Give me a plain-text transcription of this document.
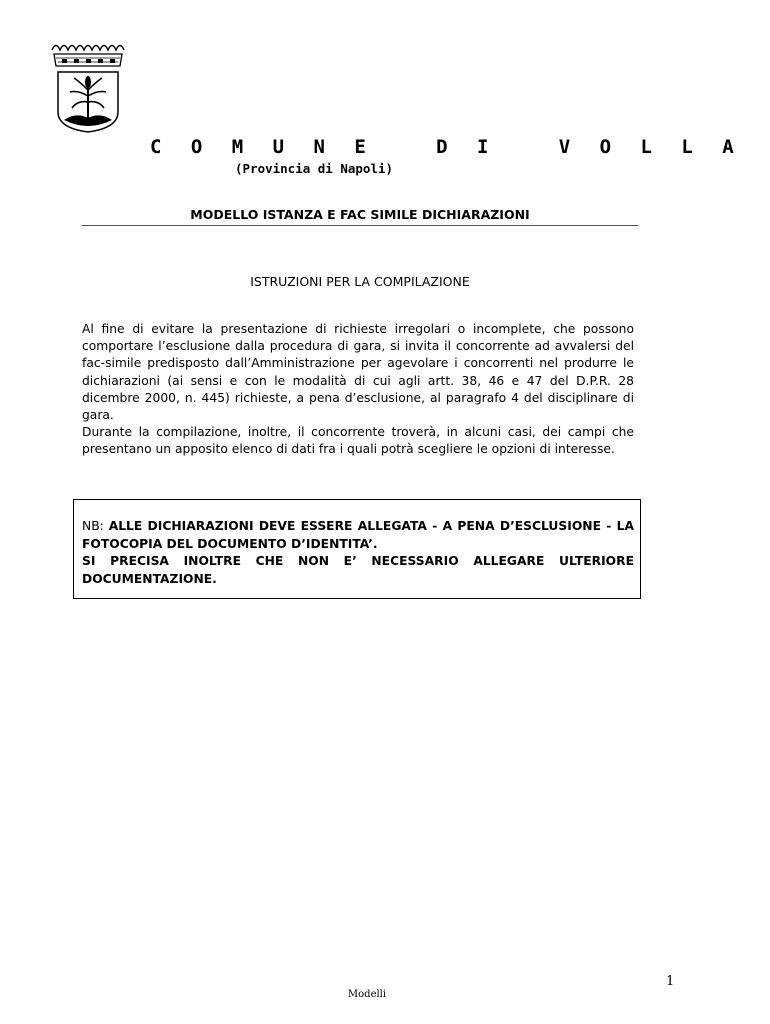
C O M U N E   D I   V O L L A
(Provincia di Napoli)
MODELLO ISTANZA E FAC SIMILE DICHIARAZIONI
ISTRUZIONI PER LA COMPILAZIONE

Al fine di evitare la presentazione di richieste irregolari o incomplete, che possono comportare l’esclusione dalla procedura di gara, si invita il concorrente ad avvalersi del fac-simile predisposto dall’Amministrazione per agevolare i concorrenti nel produrre le dichiarazioni (ai sensi e con le modalità di cui agli artt. 38, 46 e 47 del D.P.R. 28 dicembre 2000, n. 445) richieste, a pena d’esclusione, al paragrafo 4 del disciplinare di gara.

Durante la compilazione, inoltre, il concorrente troverà, in alcuni casi, dei campi che presentano un apposito elenco di dati fra i quali potrà scegliere le opzioni di interesse.

NB: ALLE DICHIARAZIONI DEVE ESSERE ALLEGATA - A PENA D’ESCLUSIONE - LA FOTOCOPIA DEL DOCUMENTO D’IDENTITA’.
SI PRECISA INOLTRE CHE NON E’ NECESSARIO ALLEGARE ULTERIORE DOCUMENTAZIONE.
1
Modelli
